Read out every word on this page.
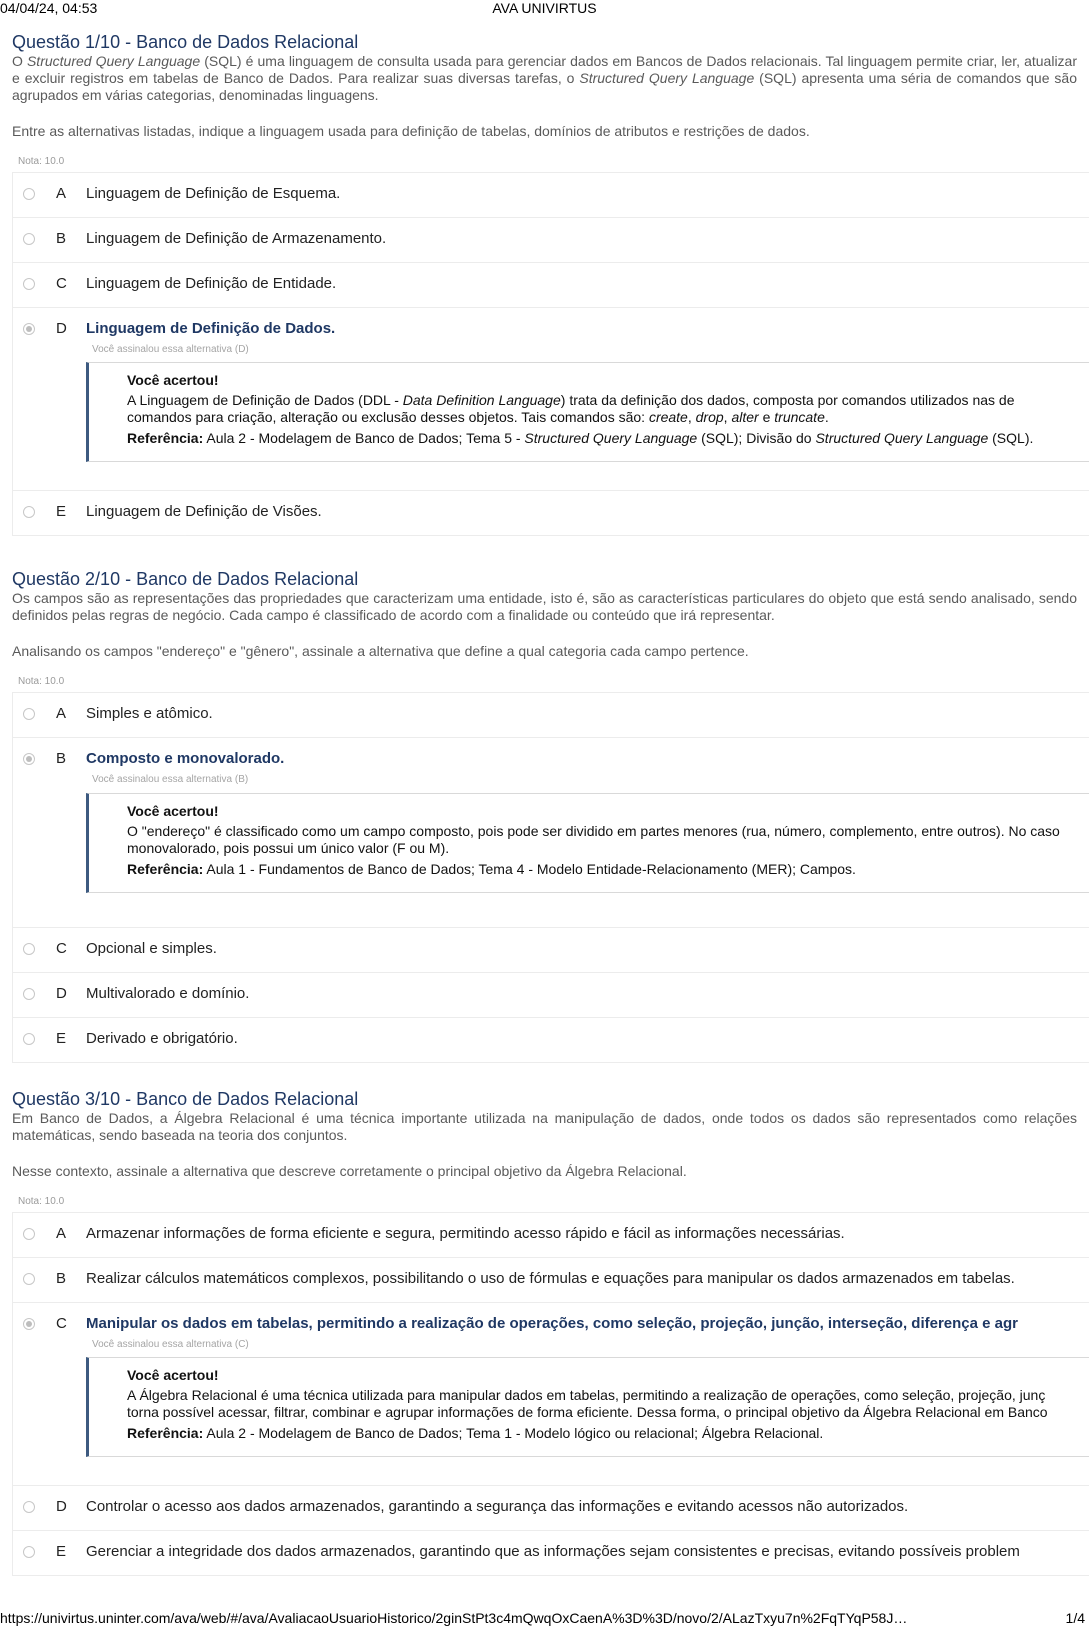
04/04/24, 04:53	AVA UNIVIRTUS
Questão 1/10 - Banco de Dados Relacional

O Structured Query Language (SQL) é uma linguagem de consulta usada para gerenciar dados em Bancos de Dados relacionais. Tal linguagem permite criar, ler, atualizar e excluir registros em tabelas de Banco de Dados. Para realizar suas diversas tarefas, o Structured Query Language (SQL) apresenta uma séria de comandos que são agrupados em várias categorias, denominadas linguagens.

Entre as alternativas listadas, indique a linguagem usada para definição de tabelas, domínios de atributos e restrições de dados.

Nota: 10.0
A Linguagem de Definição de Esquema.
B Linguagem de Definição de Armazenamento.
C Linguagem de Definição de Entidade.
D Linguagem de Definição de Dados.
Você assinalou essa alternativa (D)
Você acertou!
A Linguagem de Definição de Dados (DDL - Data Definition Language) trata da definição dos dados, composta por comandos utilizados nas de
comandos para criação, alteração ou exclusão desses objetos. Tais comandos são: create, drop, alter e truncate.
Referência: Aula 2 - Modelagem de Banco de Dados; Tema 5 - Structured Query Language (SQL); Divisão do Structured Query Language (SQL).
E Linguagem de Definição de Visões.
Questão 2/10 - Banco de Dados Relacional

Os campos são as representações das propriedades que caracterizam uma entidade, isto é, são as características particulares do objeto que está sendo analisado, sendo definidos pelas regras de negócio. Cada campo é classificado de acordo com a finalidade ou conteúdo que irá representar.

Analisando os campos "endereço" e "gênero", assinale a alternativa que define a qual categoria cada campo pertence.

Nota: 10.0
A Simples e atômico.
B Composto e monovalorado.
Você assinalou essa alternativa (B)
Você acertou!
O "endereço" é classificado como um campo composto, pois pode ser dividido em partes menores (rua, número, complemento, entre outros). No caso
monovalorado, pois possui um único valor (F ou M).
Referência: Aula 1 - Fundamentos de Banco de Dados; Tema 4 - Modelo Entidade-Relacionamento (MER); Campos.
C Opcional e simples.
D Multivalorado e domínio.
E Derivado e obrigatório.
Questão 3/10 - Banco de Dados Relacional

Em Banco de Dados, a Álgebra Relacional é uma técnica importante utilizada na manipulação de dados, onde todos os dados são representados como relações matemáticas, sendo baseada na teoria dos conjuntos.

Nesse contexto, assinale a alternativa que descreve corretamente o principal objetivo da Álgebra Relacional.

Nota: 10.0
A Armazenar informações de forma eficiente e segura, permitindo acesso rápido e fácil as informações necessárias.
B Realizar cálculos matemáticos complexos, possibilitando o uso de fórmulas e equações para manipular os dados armazenados em tabelas.
C Manipular os dados em tabelas, permitindo a realização de operações, como seleção, projeção, junção, interseção, diferença e agr
Você assinalou essa alternativa (C)
Você acertou!
A Álgebra Relacional é uma técnica utilizada para manipular dados em tabelas, permitindo a realização de operações, como seleção, projeção, junç
torna possível acessar, filtrar, combinar e agrupar informações de forma eficiente. Dessa forma, o principal objetivo da Álgebra Relacional em Banco
Referência: Aula 2 - Modelagem de Banco de Dados; Tema 1 - Modelo lógico ou relacional; Álgebra Relacional.
D Controlar o acesso aos dados armazenados, garantindo a segurança das informações e evitando acessos não autorizados.
E Gerenciar a integridade dos dados armazenados, garantindo que as informações sejam consistentes e precisas, evitando possíveis problem
https://univirtus.uninter.com/ava/web/#/ava/AvaliacaoUsuarioHistorico/2ginStPt3c4mQwqOxCaenA%3D%3D/novo/2/ALazTxyu7n%2FqTYqP58J…	1/4
